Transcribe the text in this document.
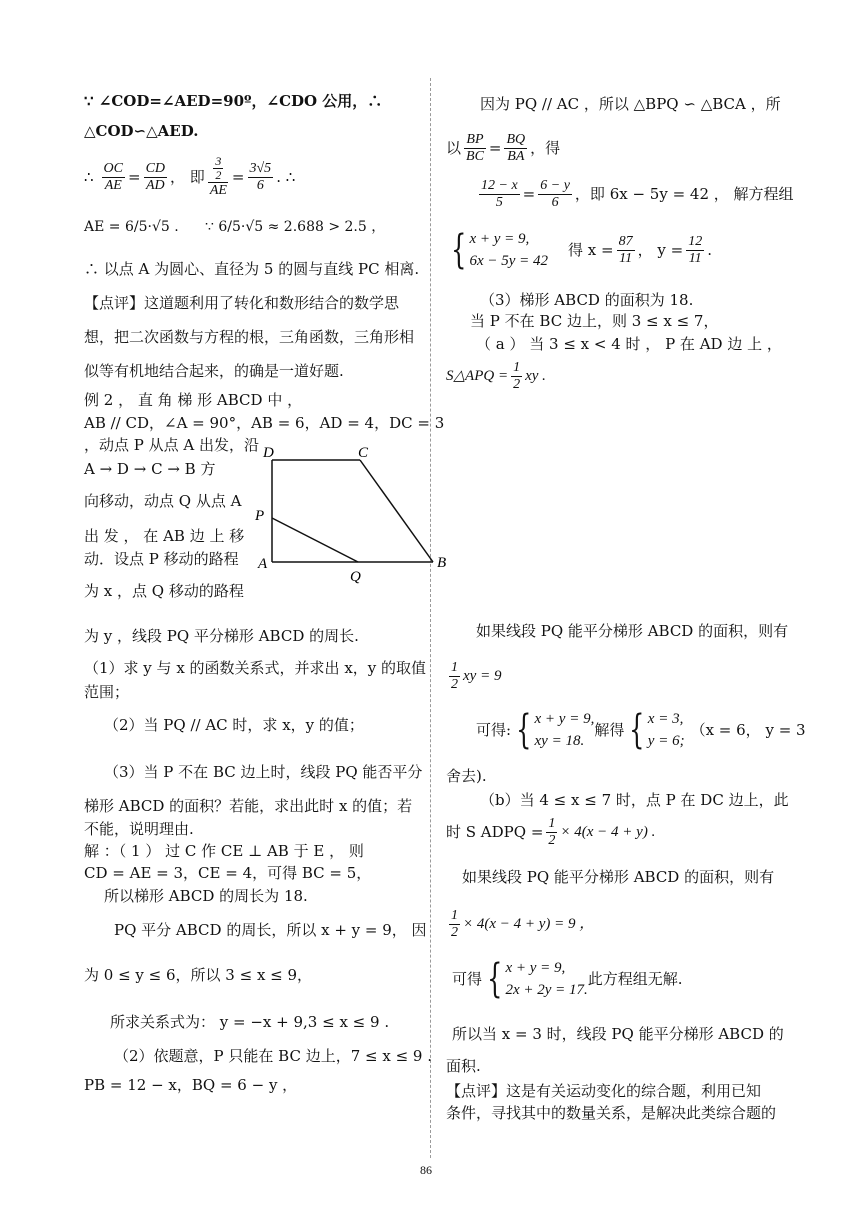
∵ ∠COD=∠AED=90º，∠CDO 公用，∴
△COD∽△AED.
∴ $\frac{OC}{AE} = \frac{CD}{AD}$ ， 即 $\frac{\frac{3}{2}}{AE} = \frac{3√5}{6}$ . ∴
AE = 6/5·√5 . ∵ 6/5·√5 ≈ 2.688 > 2.5 ，
∴ 以点 A 为圆心、直径为 5 的圆与直线 PC 相离.
【点评】这道题利用了转化和数形结合的数学思
想，把二次函数与方程的根，三角函数，三角形相
似等有机地结合起来，的确是一道好题.
例 2 ， 直 角 梯 形 ABCD 中 ，
AB // CD，∠A = 90°，AB = 6，AD = 4，DC = 3
，动点 P 从点 A 出发，沿
A → D → C → B 方
向移动，动点 Q 从点 A
出 发 ， 在 AB 边 上 移
动．设点 P 移动的路程
为 x ，点 Q 移动的路程
D	C
P
A
Q
B
为 y ，线段 PQ 平分梯形 ABCD 的周长.
（1）求 y 与 x 的函数关系式，并求出 x，y 的取值
范围；
（2）当 PQ // AC 时，求 x，y 的值；
（3）当 P 不在 BC 边上时，线段 PQ 能否平分
梯形 ABCD 的面积？若能，求出此时 x 的值；若
不能，说明理由.
解 ：（ 1 ） 过 C 作 CE ⊥ AB 于 E ， 则
CD = AE = 3，CE = 4，可得 BC = 5，
所以梯形 ABCD 的周长为 18.
PQ 平分 ABCD 的周长，所以 x + y = 9， 因
为 0 ≤ y ≤ 6，所以 3 ≤ x ≤ 9，
所求关系式为： y = −x + 9,3 ≤ x ≤ 9 .
（2）依题意，P 只能在 BC 边上，7 ≤ x ≤ 9 .
PB = 12 − x，BQ = 6 − y ，
因为 PQ // AC ，所以 △BPQ ∽ △BCA ，所
以 $\frac{BP}{BC} = \frac{BQ}{BA}$ ，得
$\frac{12 - x}{5} = \frac{6 - y}{6}$ ，即 6x − 5y = 42 ， 解方程组
{ x + y = 9,
6x − 5y = 42
得 $x = \frac{87}{11}$ ， $y = \frac{12}{11}$ .
（3）梯形 ABCD 的面积为 18.
当 P 不在 BC 边上，则 3 ≤ x ≤ 7，
（ a ） 当 3 ≤ x < 4 时 ， P 在 AD 边 上 ，
S△APQ = $\frac{1}{2}$ xy .
如果线段 PQ 能平分梯形 ABCD 的面积，则有
$\frac{1}{2}$ xy = 9
可得: { x + y = 9,
xy = 18.
解得 { x = 3,
y = 6;
（x = 6， y = 3
舍去).
（b）当 4 ≤ x ≤ 7 时，点 P 在 DC 边上，此
时 S ADPQ = $\frac{1}{2} \times 4(x - 4 + y)$ .
如果线段 PQ 能平分梯形 ABCD 的面积，则有
$\frac{1}{2} \times 4(x - 4 + y) = 9$ ，
可得 { x + y = 9,
2x + 2y = 17.
此方程组无解.
所以当 x = 3 时，线段 PQ 能平分梯形 ABCD 的
面积.
【点评】这是有关运动变化的综合题，利用已知
条件，寻找其中的数量关系，是解决此类综合题的
86
